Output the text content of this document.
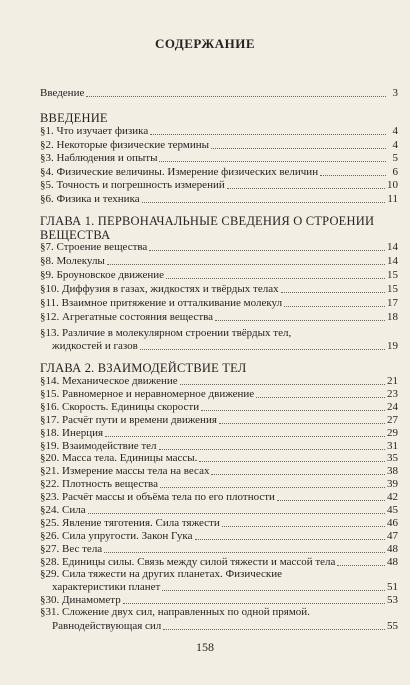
СОДЕРЖАНИЕ
Введение	3
ВВЕДЕНИЕ
§1. Что изучает физика	4
§2. Некоторые физические термины	4
§3. Наблюдения и опыты	5
§4. Физические величины. Измерение физических величин	6
§5. Точность и погрешность измерений	10
§6. Физика и техника	11
ГЛАВА 1. ПЕРВОНАЧАЛЬНЫЕ СВЕДЕНИЯ О СТРОЕНИИ
ВЕЩЕСТВА
§7. Строение вещества	14
§8. Молекулы	14
§9. Броуновское движение	15
§10. Диффузия в газах, жидкостях и твёрдых телах	15
§11. Взаимное притяжение и отталкивание молекул	17
§12. Агрегатные состояния вещества	18
§13. Различие в молекулярном строении твёрдых тел,
жидкостей и газов	19
ГЛАВА 2. ВЗАИМОДЕЙСТВИЕ ТЕЛ
§14. Механическое движение	21
§15. Равномерное и неравномерное движение	23
§16. Скорость. Единицы скорости	24
§17. Расчёт пути и времени движения	27
§18. Инерция	29
§19. Взаимодействие тел	31
§20. Масса тела. Единицы массы.	35
§21. Измерение массы тела на весах	38
§22. Плотность вещества	39
§23. Расчёт массы и объёма тела по его плотности	42
§24. Сила	45
§25. Явление тяготения. Сила тяжести	46
§26. Сила упругости. Закон Гука	47
§27. Вес тела	48
§28. Единицы силы. Связь между силой тяжести и массой тела	48
§29. Сила тяжести на других планетах. Физические
характеристики планет	51
§30. Динамометр	53
§31. Сложение двух сил, направленных по одной прямой.
Равнодействующая сил	55
158
